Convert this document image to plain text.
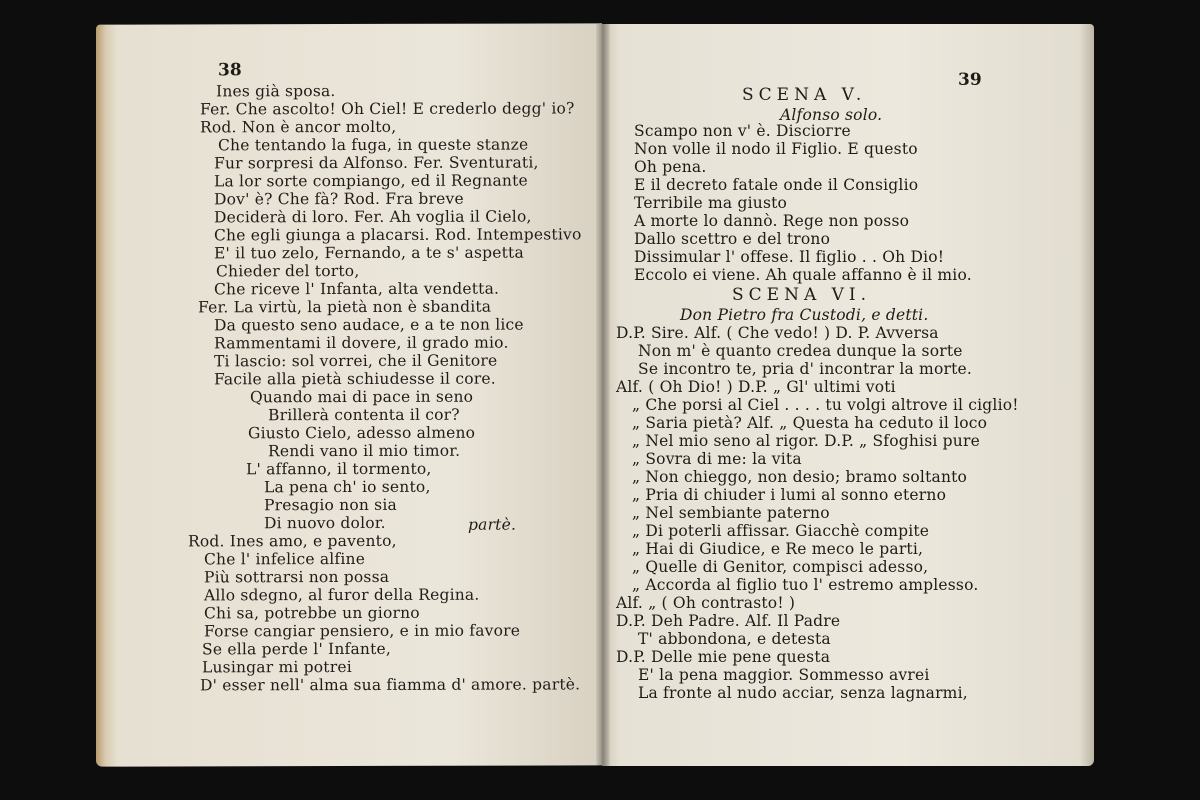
38
Ines già sposa.
Fer. Che ascolto! Oh Ciel! E crederlo degg' io?
Rod. Non è ancor molto,
Che tentando la fuga, in queste stanze
Fur sorpresi da Alfonso. Fer. Sventurati,
La lor sorte compiango, ed il Regnante
Dov' è? Che fà? Rod. Fra breve
Deciderà di loro. Fer. Ah voglia il Cielo,
Che egli giunga a placarsi. Rod. Intempestivo
E' il tuo zelo, Fernando, a te s' aspetta
Chieder del torto,
Che riceve l' Infanta, alta vendetta.
Fer. La virtù, la pietà non è sbandita
Da questo seno audace, e a te non lice
Rammentami il dovere, il grado mio.
Ti lascio: sol vorrei, che il Genitore
Facile alla pietà schiudesse il core.
Quando mai di pace in seno
Brillerà contenta il cor?
Giusto Cielo, adesso almeno
Rendi vano il mio timor.
L' affanno, il tormento,
La pena ch' io sento,
Presagio non sia
Di nuovo dolor.	partè.
Rod. Ines amo, e pavento,
Che l' infelice alfine
Più sottrarsi non possa
Allo sdegno, al furor della Regina.
Chi sa, potrebbe un giorno
Forse cangiar pensiero, e in mio favore
Se ella perde l' Infante,
Lusingar mi potrei
D' esser nell' alma sua fiamma d' amore. partè.
39
SCENA V.
Alfonso solo.
Scampo non v' è. Discioгre
Non volle il nodo il Figlio. E questo
Oh pena.
E il decreto fatale onde il Consiglio
Terribile ma giusto
A morte lo dannò. Rege non posso
Dallo scettro e del trono
Dissimular l' offese. Il figlio . . Oh Dio!
Eccolo ei viene. Ah quale affanno è il mio.
SCENA VI.
Don Pietro fra Custodi, e detti.
D.P. Sire. Alf. ( Che vedo! ) D. P. Avversa
Non m' è quanto credea dunque la sorte
Se incontro te, pria d' incontrar la morte.
Alf. ( Oh Dio! ) D.P. „ Gl' ultimi voti
„ Che porsi al Ciel . . . . tu volgi altrove il ciglio!
„ Saria pietà? Alf. „ Questa ha ceduto il loco
„ Nel mio seno al rigor. D.P. „ Sfoghisi pure
„ Sovra di me: la vita
„ Non chieggo, non desio; bramo soltanto
„ Pria di chiuder i lumi al sonno eterno
„ Nel sembiante paterno
„ Di poterli affissar. Giacchè compite
„ Hai di Giudice, e Re meco le parti,
„ Quelle di Genitor, compisci adesso,
„ Accorda al figlio tuo l' estremo amplesso.
Alf. „ ( Oh contrasto! )
D.P. Deh Padre. Alf. Il Padre
T' abbondona, e detesta
D.P. Delle mie pene questa
E' la pena maggior. Sommesso avrei
La fronte al nudo acciar, senza lagnarmi,
